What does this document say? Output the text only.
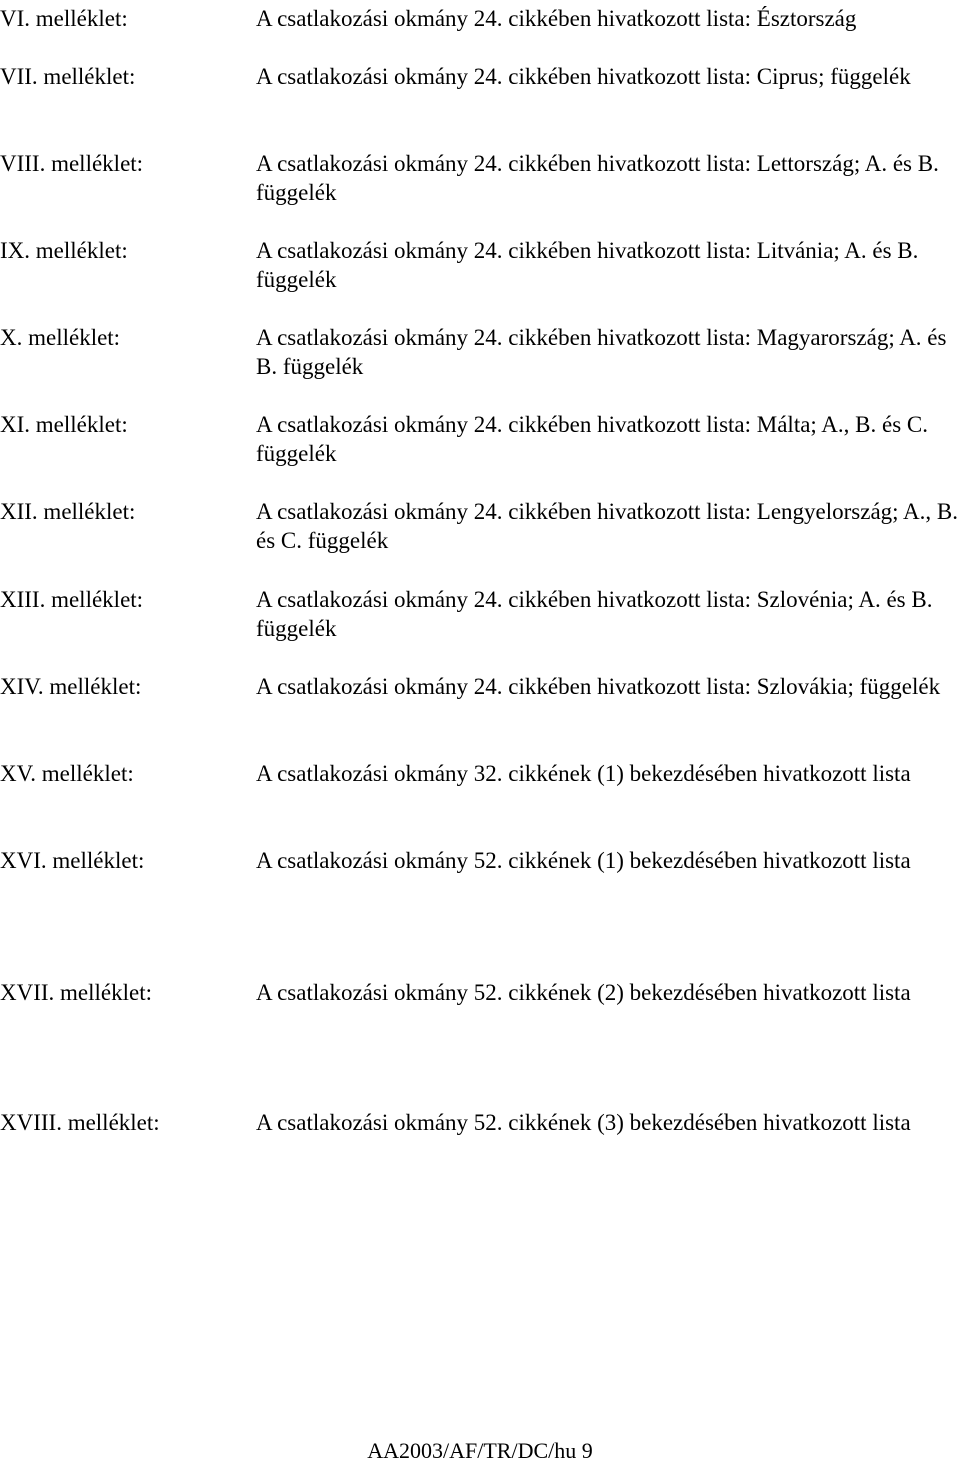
VI. melléklet:	A csatlakozási okmány 24. cikkében hivatkozott lista: Észtország
VII. melléklet:	A csatlakozási okmány 24. cikkében hivatkozott lista: Ciprus; függelék
VIII. melléklet:	A csatlakozási okmány 24. cikkében hivatkozott lista: Lettország; A. és B. függelék
IX. melléklet:	A csatlakozási okmány 24. cikkében hivatkozott lista: Litvánia; A. és B. függelék
X. melléklet:	A csatlakozási okmány 24. cikkében hivatkozott lista: Magyarország; A. és B. függelék
XI. melléklet:	A csatlakozási okmány 24. cikkében hivatkozott lista: Málta; A., B. és C. függelék
XII. melléklet:	A csatlakozási okmány 24. cikkében hivatkozott lista: Lengyelország; A., B. és C. függelék
XIII. melléklet:	A csatlakozási okmány 24. cikkében hivatkozott lista: Szlovénia; A. és B. függelék
XIV. melléklet:	A csatlakozási okmány 24. cikkében hivatkozott lista: Szlovákia; függelék
XV. melléklet:	A csatlakozási okmány 32. cikkének (1) bekezdésében hivatkozott lista
XVI. melléklet:	A csatlakozási okmány 52. cikkének (1) bekezdésében hivatkozott lista
XVII. melléklet:	A csatlakozási okmány 52. cikkének (2) bekezdésében hivatkozott lista
XVIII. melléklet:	A csatlakozási okmány 52. cikkének (3) bekezdésében hivatkozott lista
AA2003/AF/TR/DC/hu 9
